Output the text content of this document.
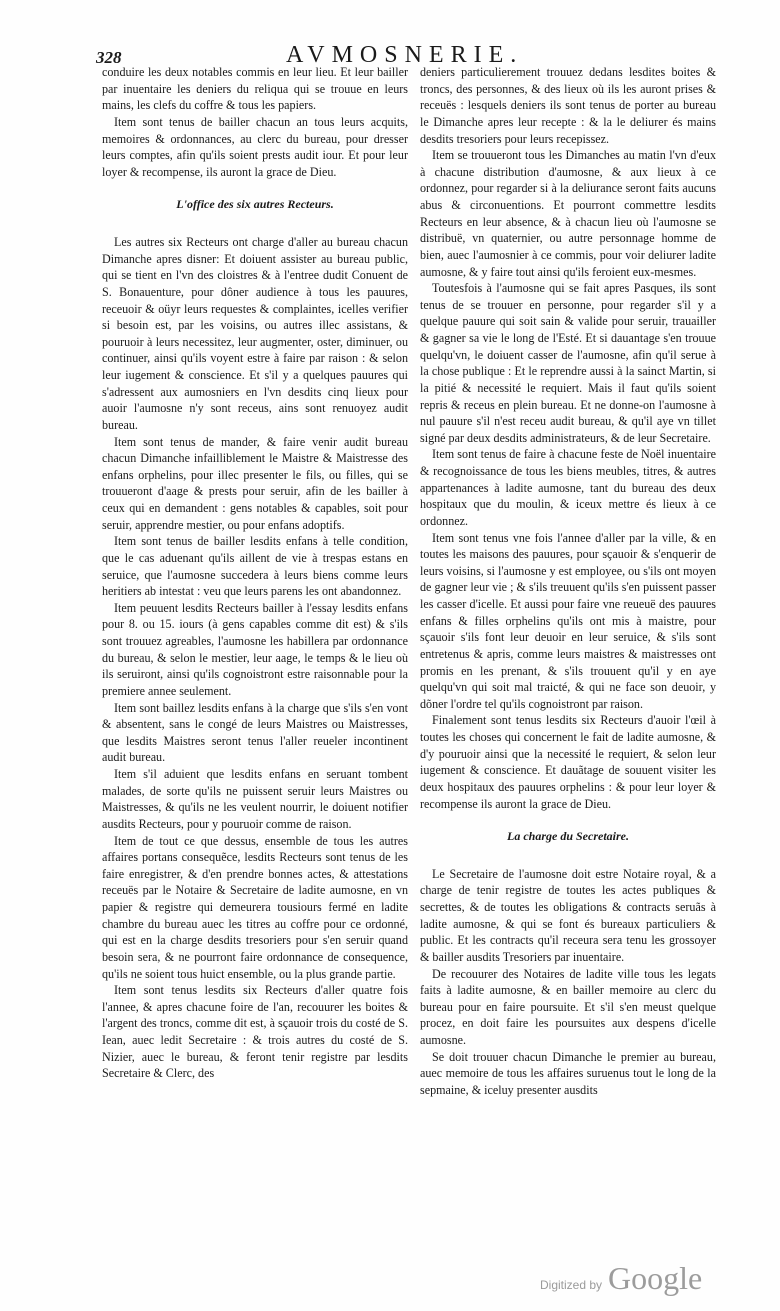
328	AVMOSNERIE.

conduire les deux notables commis en leur lieu. Et leur bailler par inuentaire les deniers du reliqua qui se trouue en leurs mains, les clefs du coffre & tous les papiers.

Item sont tenus de bailler chacun an tous leurs acquits, memoires & ordonnances, au clerc du bureau, pour dresser leurs comptes, afin qu'ils soient prests audit iour. Et pour leur loyer & recompense, ils auront la grace de Dieu.

L'office des six autres Recteurs.

Les autres six Recteurs ont charge d'aller au bureau chacun Dimanche apres disner: Et doiuent assister au bureau public, qui se tient en l'vn des cloistres & à l'entree dudit Conuent de S. Bonauenture, pour dôner audience à tous les pauures, receuoir & oüyr leurs requestes & complaintes, icelles verifier si besoin est, par les voisins, ou autres illec assistans, & pouruoir à leurs necessitez, leur augmenter, oster, diminuer, ou continuer, ainsi qu'ils voyent estre à faire par raison : & selon leur iugement & conscience. Et s'il y a quelques pauures qui s'adressent aux aumosniers en l'vn desdits cinq lieux pour auoir l'aumosne n'y sont receus, ains sont renuoyez audit bureau.

Item sont tenus de mander, & faire venir audit bureau chacun Dimanche infailliblement le Maistre & Maistresse des enfans orphelins, pour illec presenter le fils, ou filles, qui se trouueront d'aage & prests pour seruir, afin de les bailler à ceux qui en demandent : gens notables & capables, soit pour seruir, apprendre mestier, ou pour enfans adoptifs.

Item sont tenus de bailler lesdits enfans à telle condition, que le cas aduenant qu'ils aillent de vie à trespas estans en seruice, que l'aumosne succedera à leurs biens comme leurs heritiers ab intestat : veu que leurs parens les ont abandonnez.

Item peuuent lesdits Recteurs bailler à l'essay lesdits enfans pour 8. ou 15. iours (à gens capables comme dit est) & s'ils sont trouuez agreables, l'aumosne les habillera par ordonnance du bureau, & selon le mestier, leur aage, le temps & le lieu où ils seruiront, ainsi qu'ils cognoistront estre raisonnable pour la premiere annee seulement.

Item sont baillez lesdits enfans à la charge que s'ils s'en vont & absentent, sans le congé de leurs Maistres ou Maistresses, que lesdits Maistres seront tenus l'aller reueler incontinent audit bureau.

Item s'il aduient que lesdits enfans en seruant tombent malades, de sorte qu'ils ne puissent seruir leurs Maistres ou Maistresses, & qu'ils ne les veulent nourrir, le doiuent notifier ausdits Recteurs, pour y pouruoir comme de raison.

Item de tout ce que dessus, ensemble de tous les autres affaires portans consequẽce, lesdits Recteurs sont tenus de les faire enregistrer, & d'en prendre bonnes actes, & attestations receuës par le Notaire & Secretaire de ladite aumosne, en vn papier & registre qui demeurera tousiours fermé en ladite chambre du bureau auec les titres au coffre pour ce ordonné, qui est en la charge desdits tresoriers pour s'en seruir quand besoin sera, & ne pourront faire ordonnance de consequence, qu'ils ne soient tous huict ensemble, ou la plus grande partie.

Item sont tenus lesdits six Recteurs d'aller quatre fois l'annee, & apres chacune foire de l'an, recouurer les boites & l'argent des troncs, comme dit est, à sçauoir trois du costé de S. Iean, auec ledit Secretaire : & trois autres du costé de S. Nizier, auec le bureau, & feront tenir registre par lesdits Secretaire & Clerc, des

deniers particulierement trouuez dedans lesdites boites & troncs, des personnes, & des lieux où ils les auront prises & receuës : lesquels deniers ils sont tenus de porter au bureau le Dimanche apres leur recepte : & la le deliurer és mains desdits tresoriers pour leurs recepissez.

Item se trouueront tous les Dimanches au matin l'vn d'eux à chacune distribution d'aumosne, & aux lieux à ce ordonnez, pour regarder si à la deliurance seront faits aucuns abus & circonuentions. Et pourront commettre lesdits Recteurs en leur absence, & à chacun lieu où l'aumosne se distribuë, vn quaternier, ou autre personnage homme de bien, auec l'aumosnier à ce commis, pour voir deliurer ladite aumosne, & y faire tout ainsi qu'ils feroient eux-mesmes.

Toutesfois à l'aumosne qui se fait apres Pasques, ils sont tenus de se trouuer en personne, pour regarder s'il y a quelque pauure qui soit sain & valide pour seruir, trauailler & gagner sa vie le long de l'Esté. Et si dauantage s'en trouue quelqu'vn, le doiuent casser de l'aumosne, afin qu'il serue à la chose publique : Et le reprendre aussi à la sainct Martin, si la pitié & necessité le requiert. Mais il faut qu'ils soient repris & receus en plein bureau. Et ne donne-on l'aumosne à nul pauure s'il n'est receu audit bureau, & qu'il aye vn tillet signé par deux desdits administrateurs, & de leur Secretaire.

Item sont tenus de faire à chacune feste de Noël inuentaire & recognoissance de tous les biens meubles, titres, & autres appartenances à ladite aumosne, tant du bureau des deux hospitaux que du moulin, & iceux mettre és lieux à ce ordonnez.

Item sont tenus vne fois l'annee d'aller par la ville, & en toutes les maisons des pauures, pour sçauoir & s'enquerir de leurs voisins, si l'aumosne y est employee, ou s'ils ont moyen de gagner leur vie ; & s'ils treuuent qu'ils s'en puissent passer les casser d'icelle. Et aussi pour faire vne reueuë des pauures enfans & filles orphelins qu'ils ont mis à maistre, pour sçauoir s'ils font leur deuoir en leur seruice, & s'ils sont entretenus & apris, comme leurs maistres & maistresses ont promis en les prenant, & s'ils trouuent qu'il y en aye quelqu'vn qui soit mal traicté, & qui ne face son deuoir, y dõner l'ordre tel qu'ils cognoistront par raison.

Finalement sont tenus lesdits six Recteurs d'auoir l'œil à toutes les choses qui concernent le fait de ladite aumosne, & d'y pouruoir ainsi que la necessité le requiert, & selon leur iugement & conscience. Et dauãtage de souuent visiter les deux hospitaux des pauures orphelins : & pour leur loyer & recompense ils auront la grace de Dieu.

La charge du Secretaire.

Le Secretaire de l'aumosne doit estre Notaire royal, & a charge de tenir registre de toutes les actes publiques & secrettes, & de toutes les obligations & contracts seruãs à ladite aumosne, & qui se font és bureaux particuliers & public. Et les contracts qu'il receura sera tenu les grossoyer & bailler ausdits Tresoriers par inuentaire.

De recouurer des Notaires de ladite ville tous les legats faits à ladite aumosne, & en bailler memoire au clerc du bureau pour en faire poursuite. Et s'il s'en meust quelque procez, en doit faire les poursuites aux despens d'icelle aumosne.

Se doit trouuer chacun Dimanche le premier au bureau, auec memoire de tous les affaires suruenus tout le long de la sepmaine, & iceluy presenter ausdits

Digitized by Google
